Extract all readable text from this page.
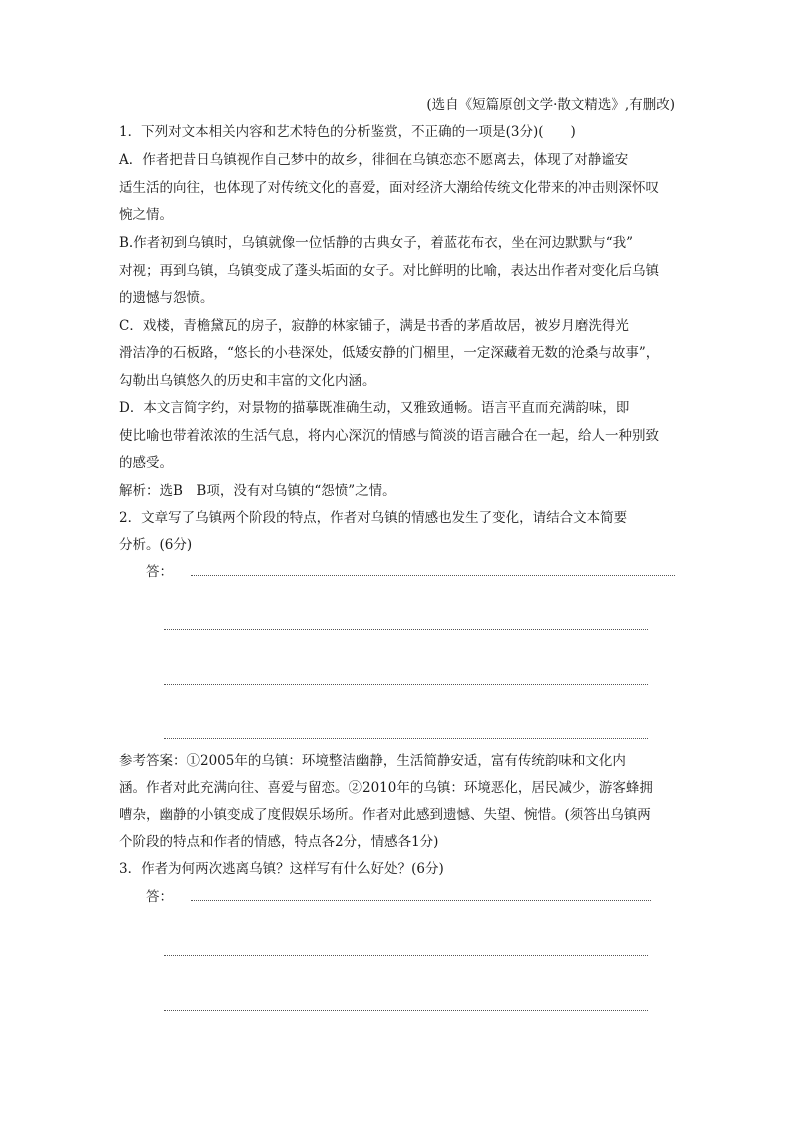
(选自《短篇原创文学·散文精选》,有删改)
1．下列对文本相关内容和艺术特色的分析鉴赏，不正确的一项是(3分)(　　)
A．作者把昔日乌镇视作自己梦中的故乡，徘徊在乌镇恋恋不愿离去，体现了对静谧安
适生活的向往，也体现了对传统文化的喜爱，面对经济大潮给传统文化带来的冲击则深怀叹
惋之情。
B.作者初到乌镇时，乌镇就像一位恬静的古典女子，着蓝花布衣，坐在河边默默与“我”
对视；再到乌镇，乌镇变成了蓬头垢面的女子。对比鲜明的比喻，表达出作者对变化后乌镇
的遗憾与怨愤。
C．戏楼，青檐黛瓦的房子，寂静的林家铺子，满是书香的茅盾故居，被岁月磨洗得光
滑洁净的石板路，“悠长的小巷深处，低矮安静的门楣里，一定深藏着无数的沧桑与故事”，
勾勒出乌镇悠久的历史和丰富的文化内涵。
D．本文言简字约，对景物的描摹既准确生动，又雅致通畅。语言平直而充满韵味，即
使比喻也带着浓浓的生活气息，将内心深沉的情感与简淡的语言融合在一起，给人一种别致
的感受。
解析：选B　B项，没有对乌镇的“怨愤”之情。
2．文章写了乌镇两个阶段的特点，作者对乌镇的情感也发生了变化，请结合文本简要
分析。(6分)
答：
参考答案：①2005年的乌镇：环境整洁幽静，生活简静安适，富有传统韵味和文化内
涵。作者对此充满向往、喜爱与留恋。②2010年的乌镇：环境恶化，居民减少，游客蜂拥
嘈杂，幽静的小镇变成了度假娱乐场所。作者对此感到遗憾、失望、惋惜。(须答出乌镇两
个阶段的特点和作者的情感，特点各2分，情感各1分)
3．作者为何两次逃离乌镇？这样写有什么好处？(6分)
答：
